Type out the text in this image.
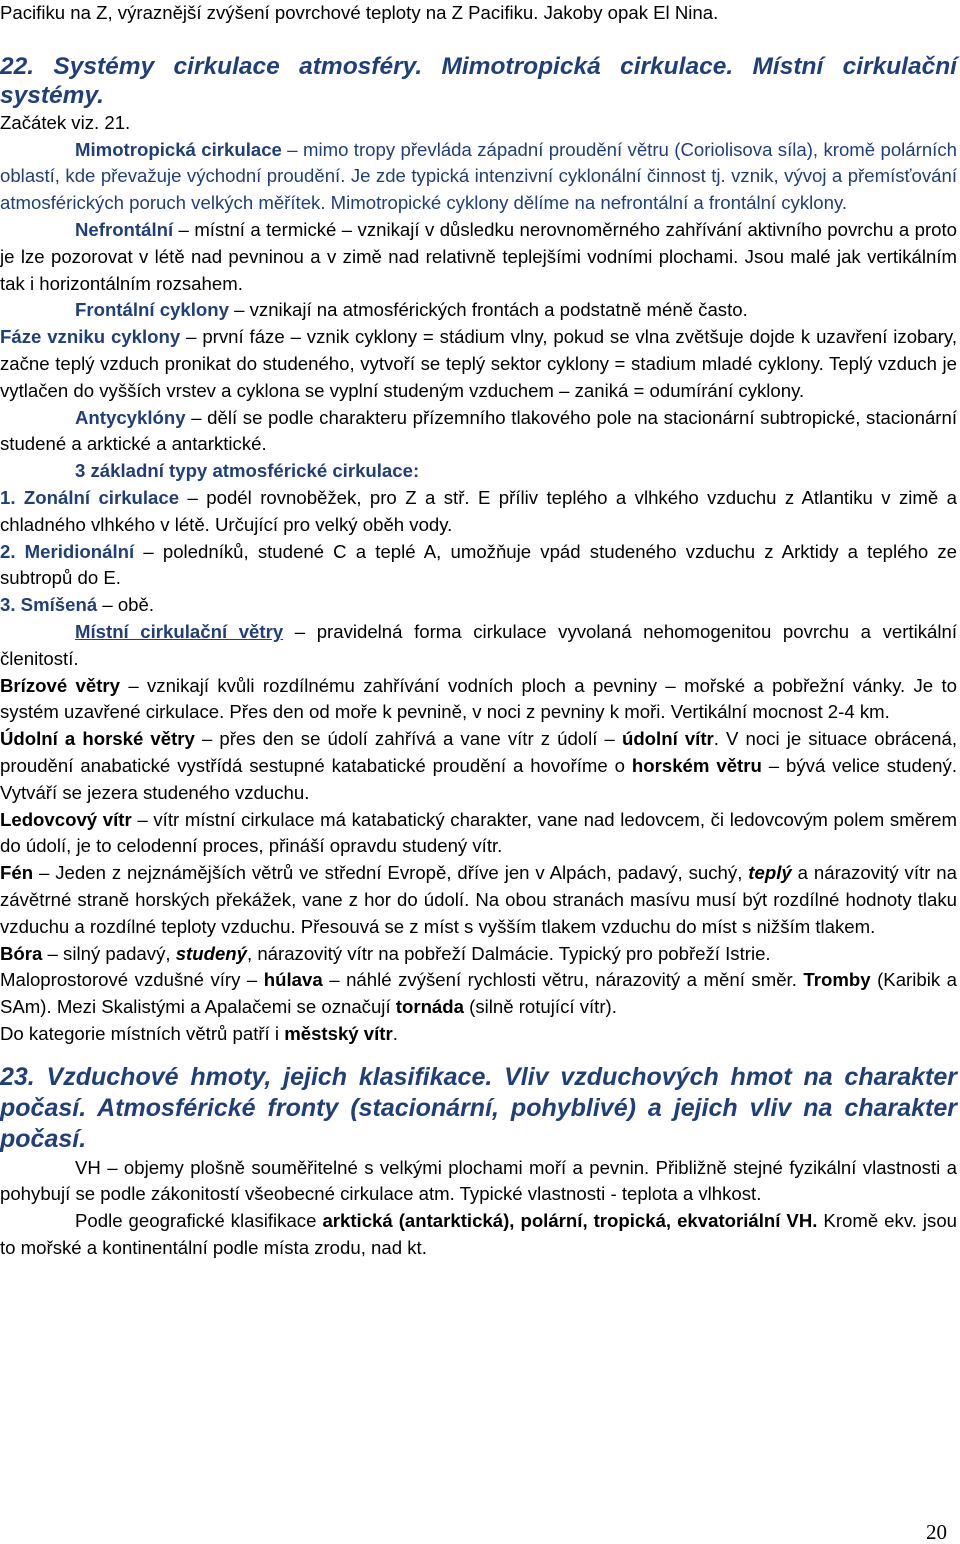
Pacifiku na Z, výraznější zvýšení povrchové teploty na Z Pacifiku. Jakoby opak El Nina.

22. Systémy cirkulace atmosféry. Mimotropická cirkulace. Místní cirkulační systémy.

Začátek viz. 21.

Mimotropická cirkulace – mimo tropy převláda západní proudění větru (Coriolisova síla), kromě polárních oblastí, kde převažuje východní proudění. Je zde typická intenzivní cyklonální činnost tj. vznik, vývoj a přemísťování atmosférických poruch velkých měřítek. Mimotropické cyklony dělíme na nefrontální a frontální cyklony.

Nefrontální – místní a termické – vznikají v důsledku nerovnoměrného zahřívání aktivního povrchu a proto je lze pozorovat v létě nad pevninou a v zimě nad relativně teplejšími vodními plochami. Jsou malé jak vertikálním tak i horizontálním rozsahem.

Frontální cyklony – vznikají na atmosférických frontách a podstatně méně často.

Fáze vzniku cyklony – první fáze – vznik cyklony = stádium vlny, pokud se vlna zvětšuje dojde k uzavření izobary, začne teplý vzduch pronikat do studeného, vytvoří se teplý sektor cyklony = stadium mladé cyklony. Teplý vzduch je vytlačen do vyšších vrstev a cyklona se vyplní studeným vzduchem – zaniká = odumírání cyklony.

Antycyklóny – dělí se podle charakteru přízemního tlakového pole na stacionární subtropické, stacionární studené a arktické a antarktické.

3 základní typy atmosférické cirkulace:

1. Zonální cirkulace – podél rovnoběžek, pro Z a stř. E příliv teplého a vlhkého vzduchu z Atlantiku v zimě a chladného vlhkého v létě. Určující pro velký oběh vody.

2. Meridionální – poledníků, studené C a teplé A, umožňuje vpád studeného vzduchu z Arktidy a teplého ze subtropů do E.

3. Smíšená – obě.

Místní cirkulační větry – pravidelná forma cirkulace vyvolaná nehomogenitou povrchu a vertikální členitostí.

Brízové větry – vznikají kvůli rozdílnému zahřívání vodních ploch a pevniny – mořské a pobřežní vánky. Je to systém uzavřené cirkulace. Přes den od moře k pevnině, v noci z pevniny k moři. Vertikální mocnost 2-4 km.

Údolní a horské větry – přes den se údolí zahřívá a vane vítr z údolí – údolní vítr. V noci je situace obrácená, proudění anabatické vystřídá sestupné katabatické proudění a hovoříme o horském větru – bývá velice studený. Vytváří se jezera studeného vzduchu.

Ledovcový vítr – vítr místní cirkulace má katabatický charakter, vane nad ledovcem, či ledovcovým polem směrem do údolí, je to celodenní proces, přináší opravdu studený vítr.

Fén – Jeden z nejznámějších větrů ve střední Evropě, dříve jen v Alpách, padavý, suchý, teplý a nárazovitý vítr na závětrné straně horských překážek, vane z hor do údolí. Na obou stranách masívu musí být rozdílné hodnoty tlaku vzduchu a rozdílné teploty vzduchu. Přesouvá se z míst s vyšším tlakem vzduchu do míst s nižším tlakem.

Bóra – silný padavý, studený, nárazovitý vítr na pobřeží Dalmácie. Typický pro pobřeží Istrie.

Maloprostorové vzdušné víry – húlava – náhlé zvýšení rychlosti větru, nárazovitý a mění směr. Tromby (Karibik a SAm). Mezi Skalistými a Apalačemi se označují tornáda (silně rotující vítr).

Do kategorie místních větrů patří i městský vítr.

23. Vzduchové hmoty, jejich klasifikace. Vliv vzduchových hmot na charakter počasí. Atmosférické fronty (stacionární, pohyblivé) a jejich vliv na charakter počasí.

VH – objemy plošně souměřitelné s velkými plochami moří a pevnin. Přibližně stejné fyzikální vlastnosti a pohybují se podle zákonitostí všeobecné cirkulace atm. Typické vlastnosti - teplota a vlhkost.

Podle geografické klasifikace arktická (antarktická), polární, tropická, ekvatoriální VH. Kromě ekv. jsou to mořské a kontinentální podle místa zrodu, nad kt.

20
